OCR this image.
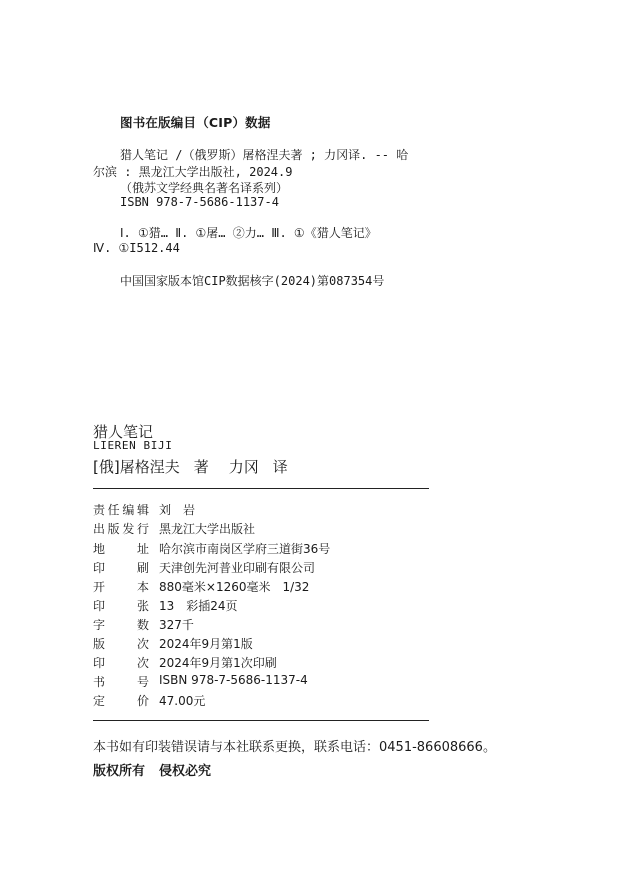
图书在版编目（CIP）数据
猎人笔记 /（俄罗斯）屠格涅夫著 ; 力冈译. -- 哈
尔滨 : 黑龙江大学出版社, 2024.9
（俄苏文学经典名著名译系列）
ISBN 978-7-5686-1137-4
Ⅰ. ①猎… Ⅱ. ①屠… ②力… Ⅲ. ①《猎人笔记》
Ⅳ. ①I512.44
中国国家版本馆CIP数据核字(2024)第087354号
猎人笔记
LIEREN BIJI
[俄]屠格涅夫 著 力冈 译
责 任 编 辑 刘　岩
出 版 发 行 黑龙江大学出版社
地	址 哈尔滨市南岗区学府三道街36号
印	刷 天津创先河普业印刷有限公司
开	本 880毫米×1260毫米　1/32
印	张 13　彩插24页
字	数 327千
版	次 2024年9月第1版
印	次 2024年9月第1次印刷
书	号 ISBN 978-7-5686-1137-4
定	价 47.00元
本书如有印装错误请与本社联系更换，联系电话：0451-86608666。
版权所有 侵权必究
